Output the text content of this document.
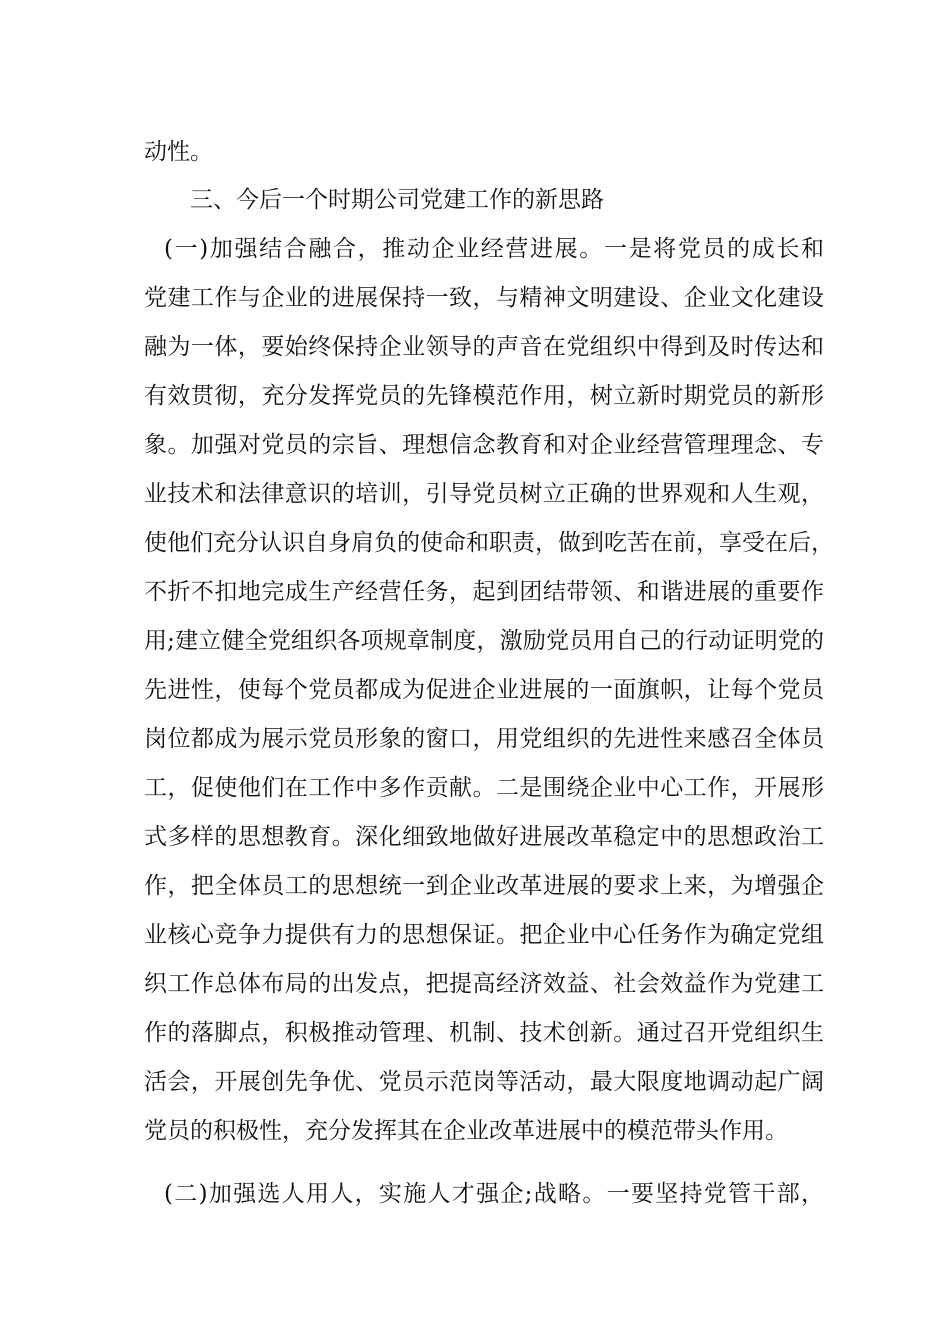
动性。
三、今后一个时期公司党建工作的新思路
(一)加强结合融合，推动企业经营进展。一是将党员的成长和
党建工作与企业的进展保持一致，与精神文明建设、企业文化建设
融为一体，要始终保持企业领导的声音在党组织中得到及时传达和
有效贯彻，充分发挥党员的先锋模范作用，树立新时期党员的新形
象。加强对党员的宗旨、理想信念教育和对企业经营管理理念、专
业技术和法律意识的培训，引导党员树立正确的世界观和人生观，
使他们充分认识自身肩负的使命和职责，做到吃苦在前，享受在后，
不折不扣地完成生产经营任务，起到团结带领、和谐进展的重要作
用;建立健全党组织各项规章制度，激励党员用自己的行动证明党的
先进性，使每个党员都成为促进企业进展的一面旗帜，让每个党员
岗位都成为展示党员形象的窗口，用党组织的先进性来感召全体员
工，促使他们在工作中多作贡献。二是围绕企业中心工作，开展形
式多样的思想教育。深化细致地做好进展改革稳定中的思想政治工
作，把全体员工的思想统一到企业改革进展的要求上来，为增强企
业核心竞争力提供有力的思想保证。把企业中心任务作为确定党组
织工作总体布局的出发点，把提高经济效益、社会效益作为党建工
作的落脚点，积极推动管理、机制、技术创新。通过召开党组织生
活会，开展创先争优、党员示范岗等活动，最大限度地调动起广阔
党员的积极性，充分发挥其在企业改革进展中的模范带头作用。
(二)加强选人用人，实施人才强企;战略。一要坚持党管干部，
